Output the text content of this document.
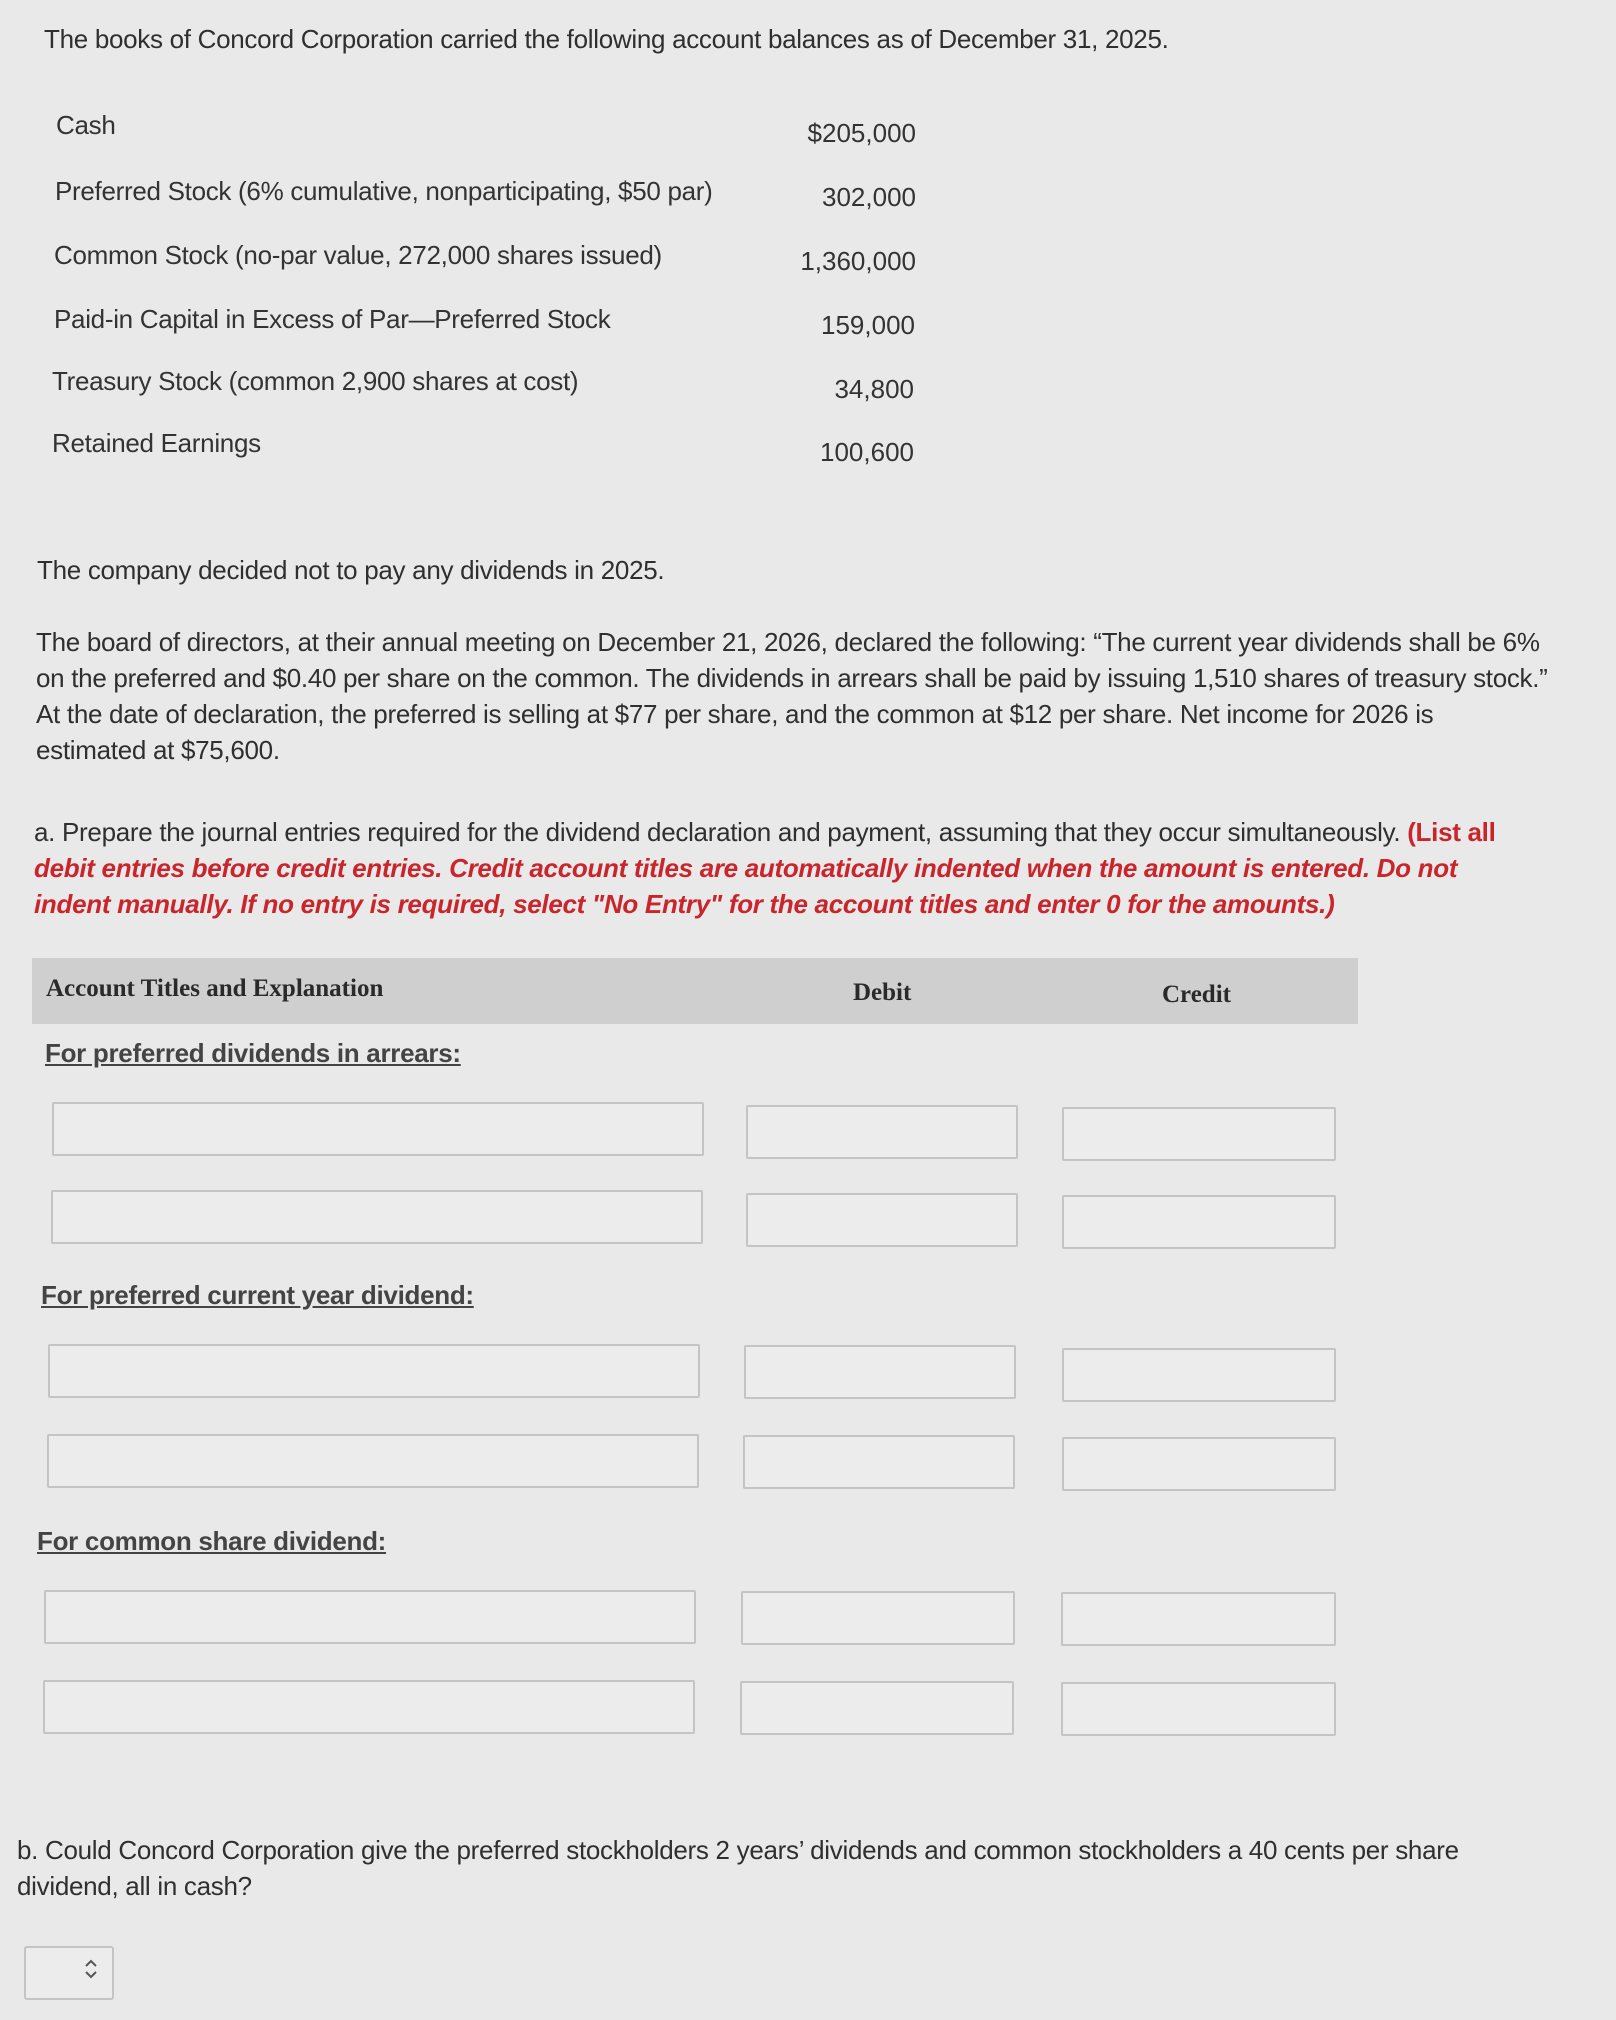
The books of Concord Corporation carried the following account balances as of December 31, 2025.
Cash	$205,000
Preferred Stock (6% cumulative, nonparticipating, $50 par)	302,000
Common Stock (no-par value, 272,000 shares issued)	1,360,000
Paid-in Capital in Excess of Par—Preferred Stock	159,000
Treasury Stock (common 2,900 shares at cost)	34,800
Retained Earnings	100,600
The company decided not to pay any dividends in 2025.
The board of directors, at their annual meeting on December 21, 2026, declared the following: “The current year dividends shall be 6%
on the preferred and $0.40 per share on the common. The dividends in arrears shall be paid by issuing 1,510 shares of treasury stock.”
At the date of declaration, the preferred is selling at $77 per share, and the common at $12 per share. Net income for 2026 is
estimated at $75,600.
a. Prepare the journal entries required for the dividend declaration and payment, assuming that they occur simultaneously. (List all
debit entries before credit entries. Credit account titles are automatically indented when the amount is entered. Do not
indent manually. If no entry is required, select "No Entry" for the account titles and enter 0 for the amounts.)
Account Titles and Explanation	Debit	Credit
For preferred dividends in arrears:
For preferred current year dividend:
For common share dividend:
b. Could Concord Corporation give the preferred stockholders 2 years’ dividends and common stockholders a 40 cents per share
dividend, all in cash?
